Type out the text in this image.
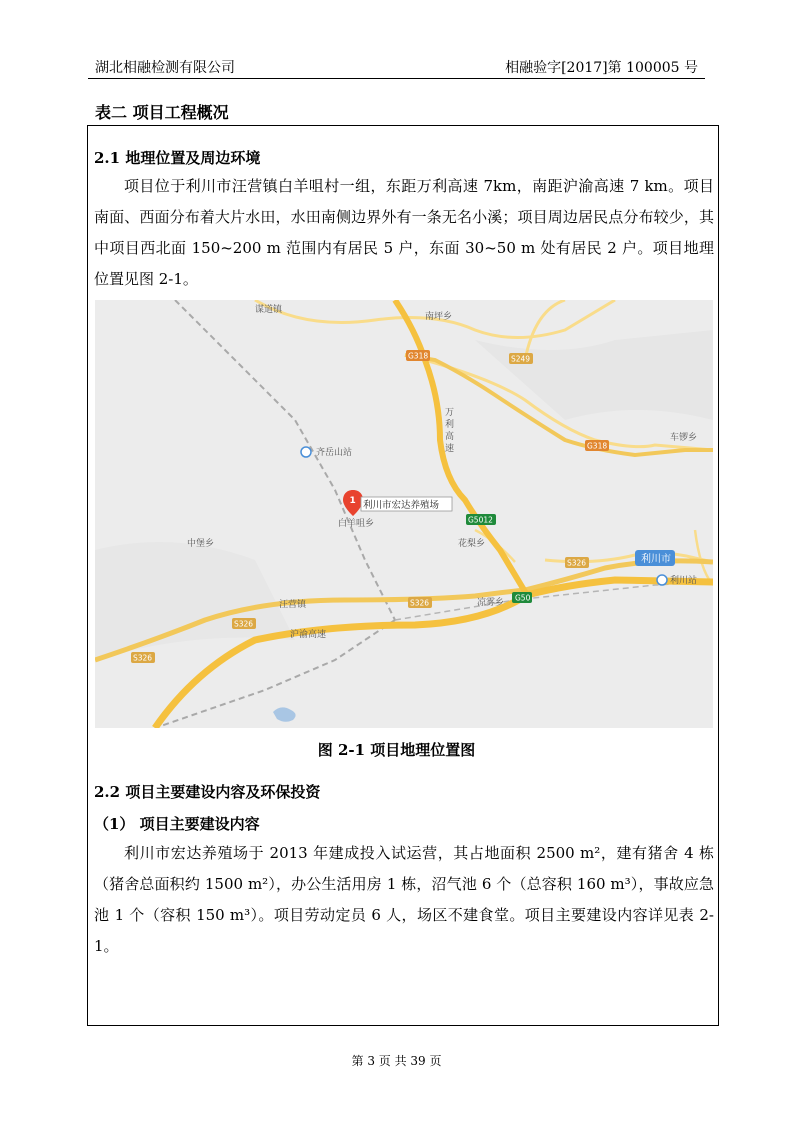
湖北相融检测有限公司	相融验字[2017]第 100005 号
表二 项目工程概况
2.1 地理位置及周边环境
项目位于利川市汪营镇白羊咀村一组，东距万利高速 7km，南距沪渝高速 7 km。项目南面、西面分布着大片水田，水田南侧边界外有一条无名小溪；项目周边居民点分布较少，其中项目西北面 150~200 m 范围内有居民 5 户，东面 30~50 m 处有居民 2 户。项目地理位置见图 2-1。
G318
G318
S249
G5012
S326
S326
S326
S326
G50
谋道镇
南坪乡
车锣乡
齐岳山站
白羊咀乡
中堡乡	花梨乡
汪营镇	凉雾乡
沪渝高速
万
利
高
速
利川市
利川站
1 利川市宏达养殖场
图 2-1 项目地理位置图
2.2 项目主要建设内容及环保投资
（1） 项目主要建设内容
利川市宏达养殖场于 2013 年建成投入试运营，其占地面积 2500 m²，建有猪舍 4 栋（猪舍总面积约 1500 m²），办公生活用房 1 栋，沼气池 6 个（总容积 160 m³），事故应急池 1 个（容积 150 m³）。项目劳动定员 6 人，场区不建食堂。项目主要建设内容详见表 2-1。
第 3 页 共 39 页
